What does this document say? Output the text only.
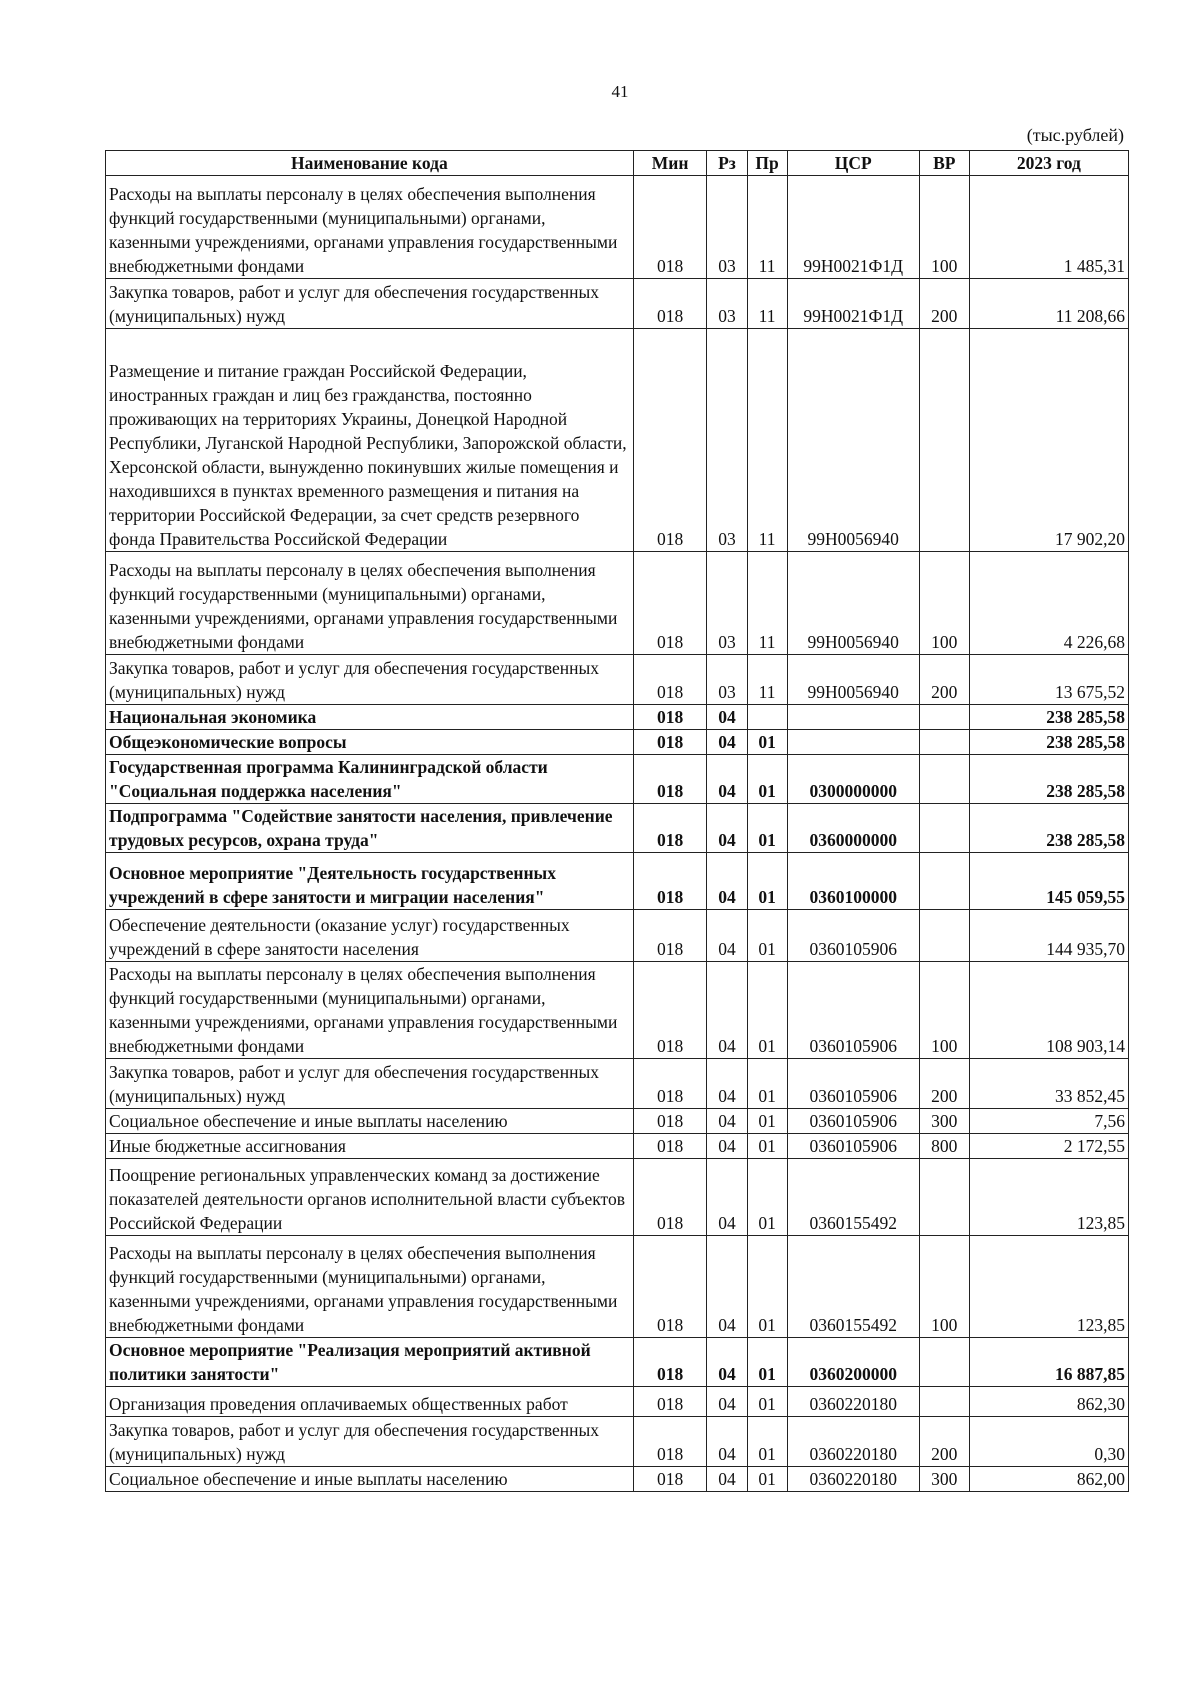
41
(тыс.рублей)
Наименование кода	Мин	Рз	Пр	ЦСР	ВР	2023 год
Расходы на выплаты персоналу в целях обеспечения выполнения функций государственными (муниципальными) органами, казенными учреждениями, органами управления государственными внебюджетными фондами	018	03	11	99Н0021Ф1Д	100	1 485,31
Закупка товаров, работ и услуг для обеспечения государственных (муниципальных) нужд	018	03	11	99Н0021Ф1Д	200	11 208,66
Размещение и питание граждан Российской Федерации, иностранных граждан и лиц без гражданства, постоянно проживающих на территориях Украины, Донецкой Народной Республики, Луганской Народной Республики, Запорожской области, Херсонской области, вынужденно покинувших жилые помещения и находившихся в пунктах временного размещения и питания на территории Российской Федерации, за счет средств резервного фонда Правительства Российской Федерации	018	03	11	99Н0056940		17 902,20
Расходы на выплаты персоналу в целях обеспечения выполнения функций государственными (муниципальными) органами, казенными учреждениями, органами управления государственными внебюджетными фондами	018	03	11	99Н0056940	100	4 226,68
Закупка товаров, работ и услуг для обеспечения государственных (муниципальных) нужд	018	03	11	99Н0056940	200	13 675,52
Национальная экономика	018	04				238 285,58
Общеэкономические вопросы	018	04	01			238 285,58
Государственная программа Калининградской области "Социальная поддержка населения"	018	04	01	0300000000		238 285,58
Подпрограмма "Содействие занятости населения, привлечение трудовых ресурсов, охрана труда"	018	04	01	0360000000		238 285,58
Основное мероприятие "Деятельность государственных учреждений в сфере занятости и миграции населения"	018	04	01	0360100000		145 059,55
Обеспечение деятельности (оказание услуг) государственных учреждений в сфере занятости населения	018	04	01	0360105906		144 935,70
Расходы на выплаты персоналу в целях обеспечения выполнения функций государственными (муниципальными) органами, казенными учреждениями, органами управления государственными внебюджетными фондами	018	04	01	0360105906	100	108 903,14
Закупка товаров, работ и услуг для обеспечения государственных (муниципальных) нужд	018	04	01	0360105906	200	33 852,45
Социальное обеспечение и иные выплаты населению	018	04	01	0360105906	300	7,56
Иные бюджетные ассигнования	018	04	01	0360105906	800	2 172,55
Поощрение региональных управленческих команд за достижение показателей деятельности органов исполнительной власти субъектов Российской Федерации	018	04	01	0360155492		123,85
Расходы на выплаты персоналу в целях обеспечения выполнения функций государственными (муниципальными) органами, казенными учреждениями, органами управления государственными внебюджетными фондами	018	04	01	0360155492	100	123,85
Основное мероприятие "Реализация мероприятий активной политики занятости"	018	04	01	0360200000		16 887,85
Организация проведения оплачиваемых общественных работ	018	04	01	0360220180		862,30
Закупка товаров, работ и услуг для обеспечения государственных (муниципальных) нужд	018	04	01	0360220180	200	0,30
Социальное обеспечение и иные выплаты населению	018	04	01	0360220180	300	862,00
